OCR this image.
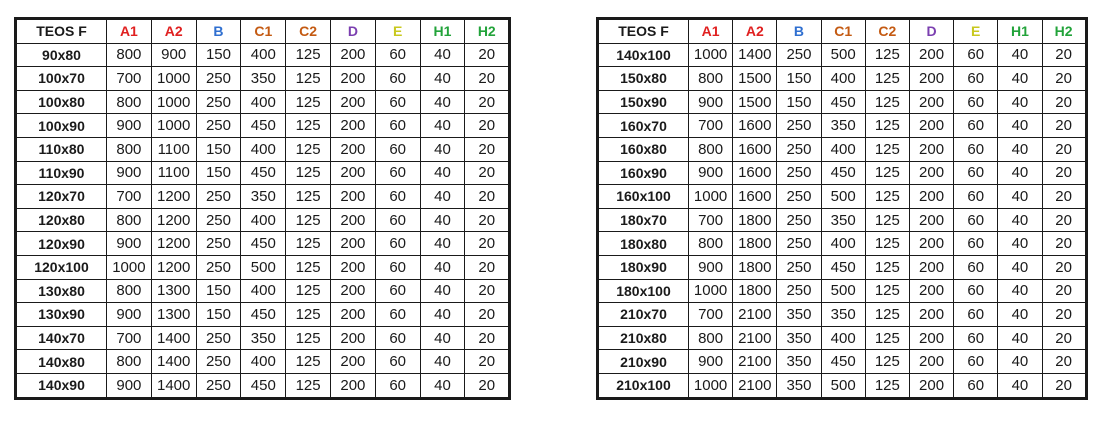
TEOS F	A1	A2	B	C1	C2	D	E	H1	H2
90x80	800	900	150	400	125	200	60	40	20
100x70	700	1000	250	350	125	200	60	40	20
100x80	800	1000	250	400	125	200	60	40	20
100x90	900	1000	250	450	125	200	60	40	20
110x80	800	1100	150	400	125	200	60	40	20
110x90	900	1100	150	450	125	200	60	40	20
120x70	700	1200	250	350	125	200	60	40	20
120x80	800	1200	250	400	125	200	60	40	20
120x90	900	1200	250	450	125	200	60	40	20
120x100	1000	1200	250	500	125	200	60	40	20
130x80	800	1300	150	400	125	200	60	40	20
130x90	900	1300	150	450	125	200	60	40	20
140x70	700	1400	250	350	125	200	60	40	20
140x80	800	1400	250	400	125	200	60	40	20
140x90	900	1400	250	450	125	200	60	40	20
TEOS F	A1	A2	B	C1	C2	D	E	H1	H2
140x100	1000	1400	250	500	125	200	60	40	20
150x80	800	1500	150	400	125	200	60	40	20
150x90	900	1500	150	450	125	200	60	40	20
160x70	700	1600	250	350	125	200	60	40	20
160x80	800	1600	250	400	125	200	60	40	20
160x90	900	1600	250	450	125	200	60	40	20
160x100	1000	1600	250	500	125	200	60	40	20
180x70	700	1800	250	350	125	200	60	40	20
180x80	800	1800	250	400	125	200	60	40	20
180x90	900	1800	250	450	125	200	60	40	20
180x100	1000	1800	250	500	125	200	60	40	20
210x70	700	2100	350	350	125	200	60	40	20
210x80	800	2100	350	400	125	200	60	40	20
210x90	900	2100	350	450	125	200	60	40	20
210x100	1000	2100	350	500	125	200	60	40	20
